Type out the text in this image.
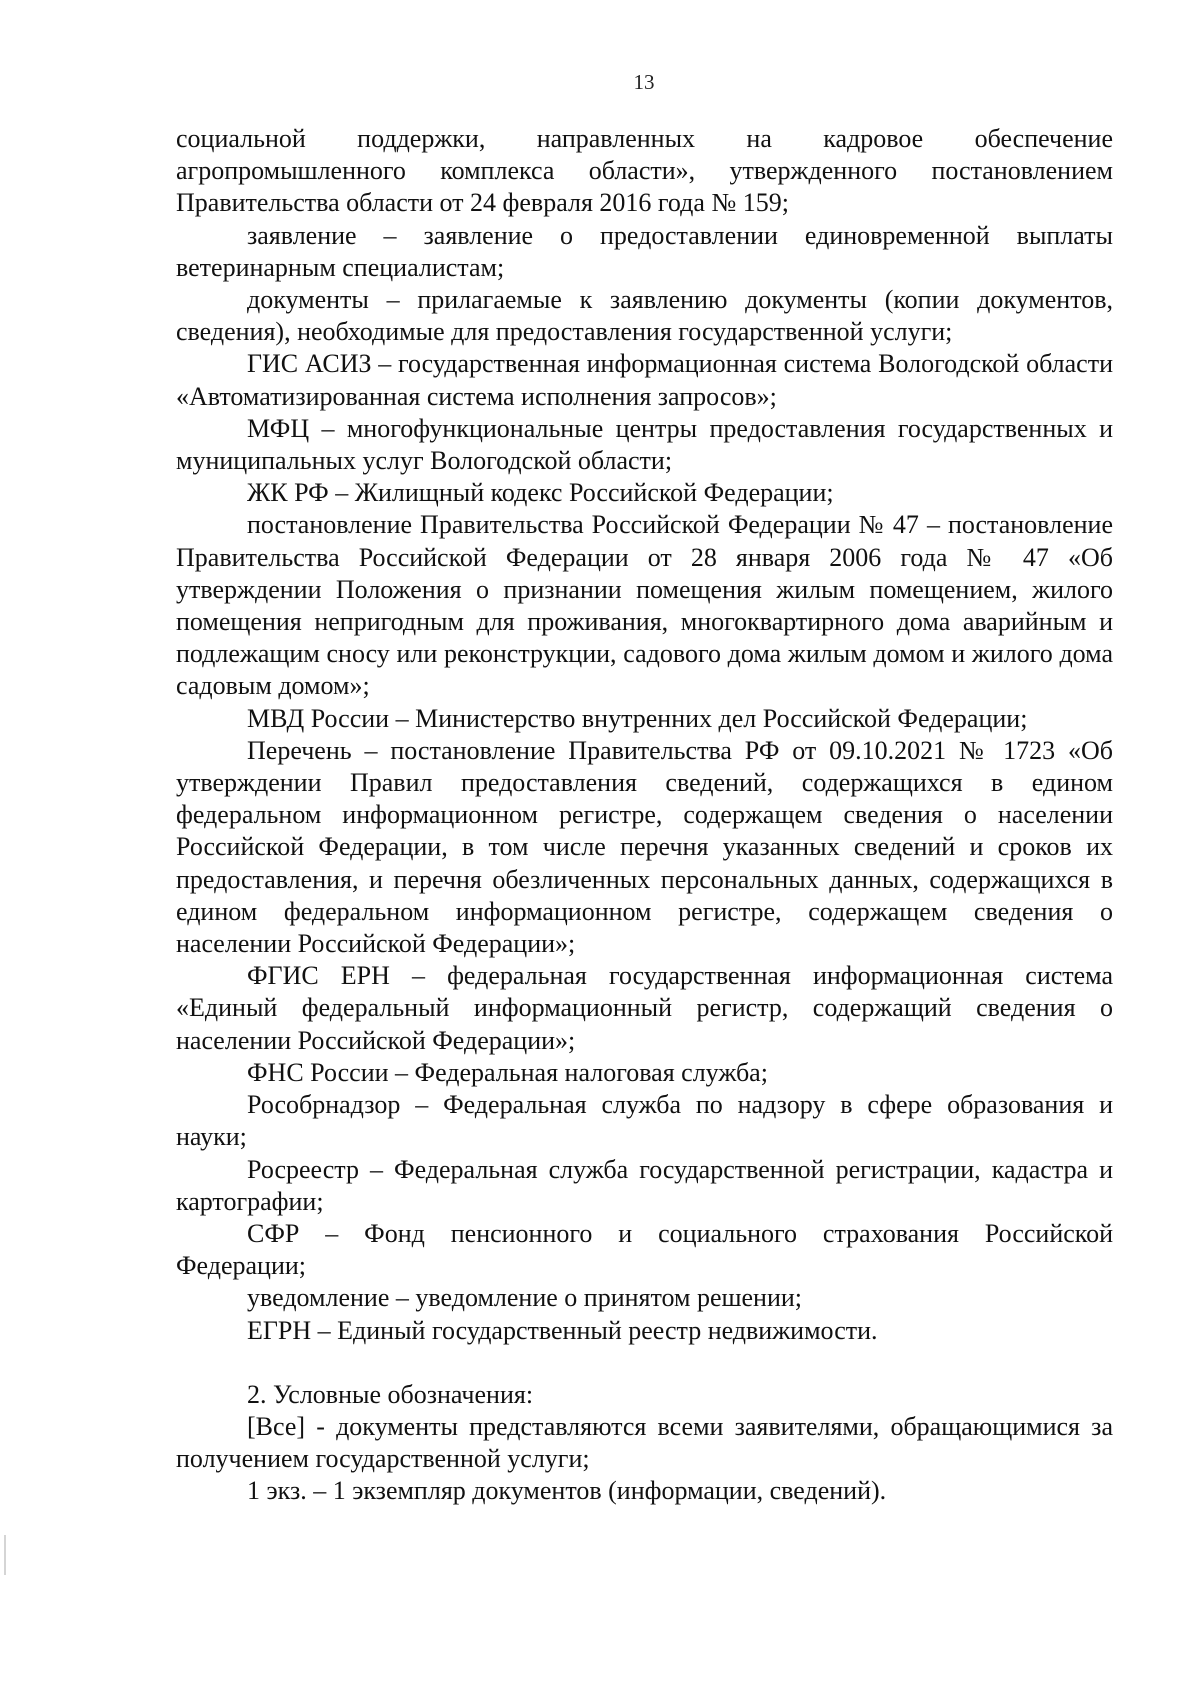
13

социальной поддержки, направленных на кадровое обеспечение агропромышленного комплекса области», утвержденного постановлением Правительства области от 24 февраля 2016 года № 159;

заявление – заявление о предоставлении единовременной выплаты ветеринарным специалистам;

документы – прилагаемые к заявлению документы (копии документов, сведения), необходимые для предоставления государственной услуги;

ГИС АСИЗ – государственная информационная система Вологодской области «Автоматизированная система исполнения запросов»;

МФЦ – многофункциональные центры предоставления государственных и муниципальных услуг Вологодской области;

ЖК РФ – Жилищный кодекс Российской Федерации;

постановление Правительства Российской Федерации № 47 – постановление Правительства Российской Федерации от 28 января 2006 года № 47 «Об утверждении Положения о признании помещения жилым помещением, жилого помещения непригодным для проживания, многоквартирного дома аварийным и подлежащим сносу или реконструкции, садового дома жилым домом и жилого дома садовым домом»;

МВД России – Министерство внутренних дел Российской Федерации;

Перечень – постановление Правительства РФ от 09.10.2021 № 1723 «Об утверждении Правил предоставления сведений, содержащихся в едином федеральном информационном регистре, содержащем сведения о населении Российской Федерации, в том числе перечня указанных сведений и сроков их предоставления, и перечня обезличенных персональных данных, содержащихся в едином федеральном информационном регистре, содержащем сведения о населении Российской Федерации»;

ФГИС ЕРН – федеральная государственная информационная система «Единый федеральный информационный регистр, содержащий сведения о населении Российской Федерации»;

ФНС России – Федеральная налоговая служба;

Рособрнадзор – Федеральная служба по надзору в сфере образования и науки;

Росреестр – Федеральная служба государственной регистрации, кадастра и картографии;

СФР – Фонд пенсионного и социального страхования Российской Федерации;

уведомление – уведомление о принятом решении;

ЕГРН – Единый государственный реестр недвижимости.

2. Условные обозначения:

[Все] - документы представляются всеми заявителями, обращающимися за получением государственной услуги;

1 экз. – 1 экземпляр документов (информации, сведений).
